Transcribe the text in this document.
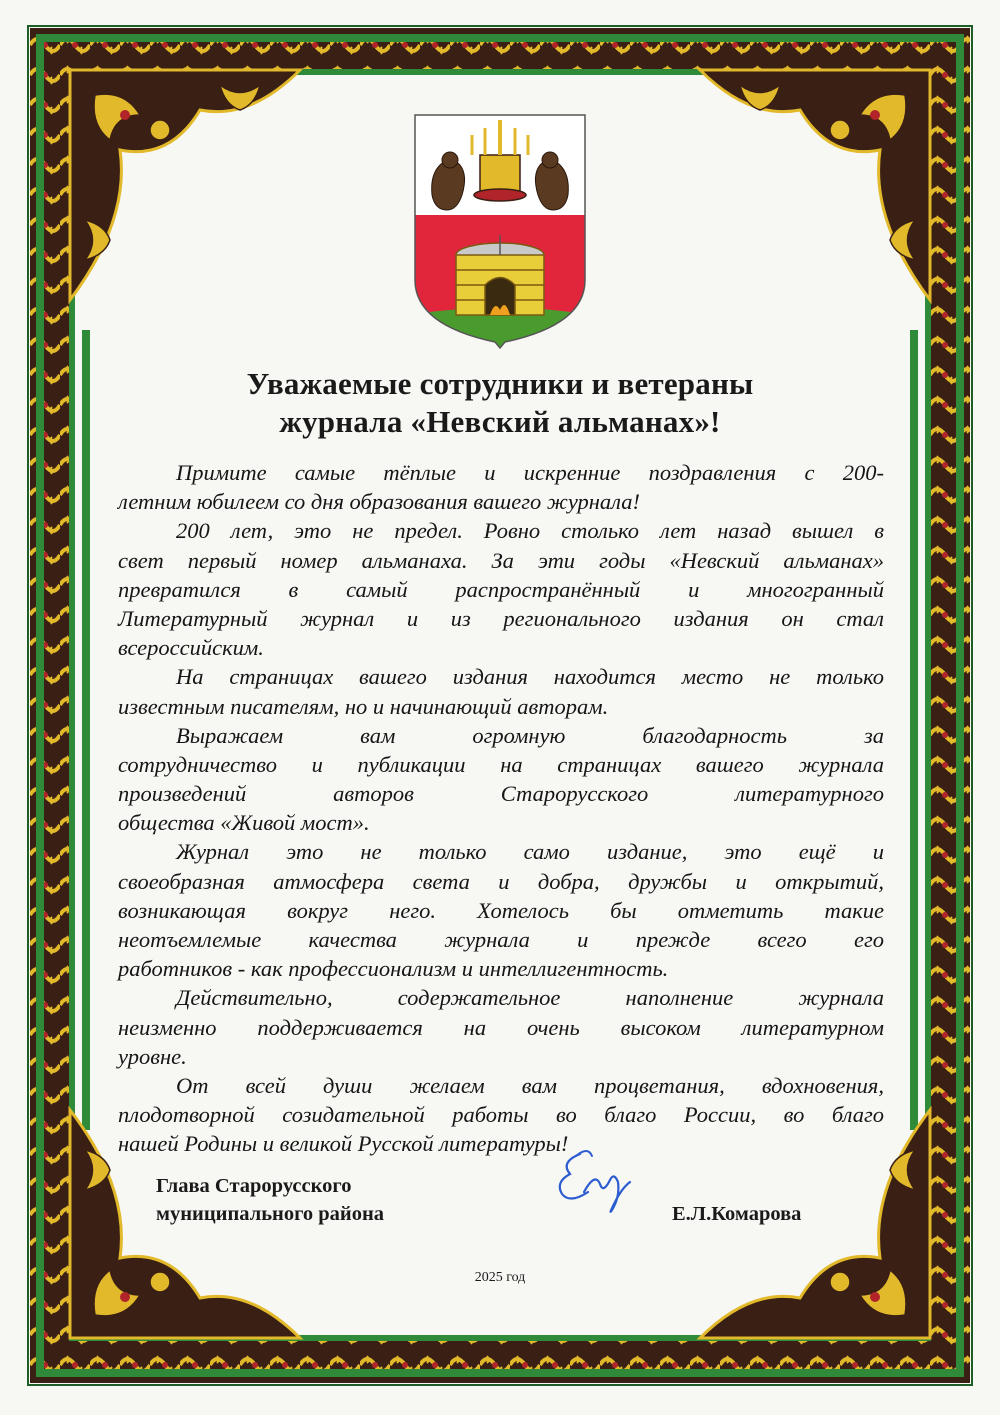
Уважаемые сотрудники и ветераны
журнала «Невский альманах»!
Примите самые тёплые и искренние поздравления с 200-
летним юбилеем со дня образования вашего журнала!
200 лет, это не предел. Ровно столько лет назад вышел в
свет первый номер альманаха. За эти годы «Невский альманах»
превратился в самый распространённый и многогранный
Литературный журнал и из регионального издания он стал
всероссийским.
На страницах вашего издания находится место не только
известным писателям, но и начинающий авторам.
Выражаем вам огромную благодарность за
сотрудничество и публикации на страницах вашего журнала
произведений авторов Старорусского литературного
общества «Живой мост».
Журнал это не только само издание, это ещё и
своеобразная атмосфера света и добра, дружбы и открытий,
возникающая вокруг него. Хотелось бы отметить такие
неотъемлемые качества журнала и прежде всего его
работников - как профессионализм и интеллигентность.
Действительно, содержательное наполнение журнала
неизменно поддерживается на очень высоком литературном
уровне.
От всей души желаем вам процветания, вдохновения,
плодотворной созидательной работы во благо России, во благо
нашей Родины и великой Русской литературы!
Глава Старорусского
муниципального района	Е.Л.Комарова
2025 год
